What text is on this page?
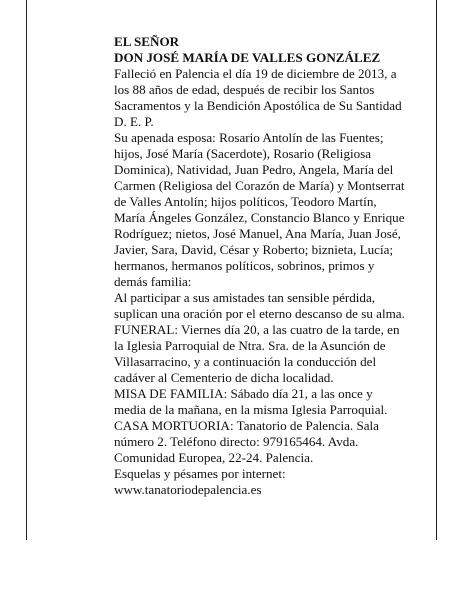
EL SEÑOR
DON JOSÉ MARÍA DE VALLES GONZÁLEZ
Falleció en Palencia el día 19 de diciembre de 2013, a
los 88 años de edad, después de recibir los Santos
Sacramentos y la Bendición Apostólica de Su Santidad
D. E. P.
Su apenada esposa: Rosario Antolín de las Fuentes;
hijos, José María (Sacerdote), Rosario (Religiosa
Dominica), Natividad, Juan Pedro, Angela, María del
Carmen (Religiosa del Corazón de María) y Montserrat
de Valles Antolín; hijos políticos, Teodoro Martín,
María Ángeles González, Constancio Blanco y Enrique
Rodríguez; nietos, José Manuel, Ana María, Juan José,
Javier, Sara, David, César y Roberto; biznieta, Lucía;
hermanos, hermanos políticos, sobrinos, primos y
demás familia:
Al participar a sus amistades tan sensible pérdida,
suplican una oración por el eterno descanso de su alma.
FUNERAL: Viernes día 20, a las cuatro de la tarde, en
la Iglesia Parroquial de Ntra. Sra. de la Asunción de
Villasarracino, y a continuación la conducción del
cadáver al Cementerio de dicha localidad.
MISA DE FAMILIA: Sábado día 21, a las once y
media de la mañana, en la misma Iglesia Parroquial.
CASA MORTUORIA: Tanatorio de Palencia. Sala
número 2. Teléfono directo: 979165464. Avda.
Comunidad Europea, 22-24. Palencia.
Esquelas y pésames por internet:
www.tanatoriodepalencia.es
